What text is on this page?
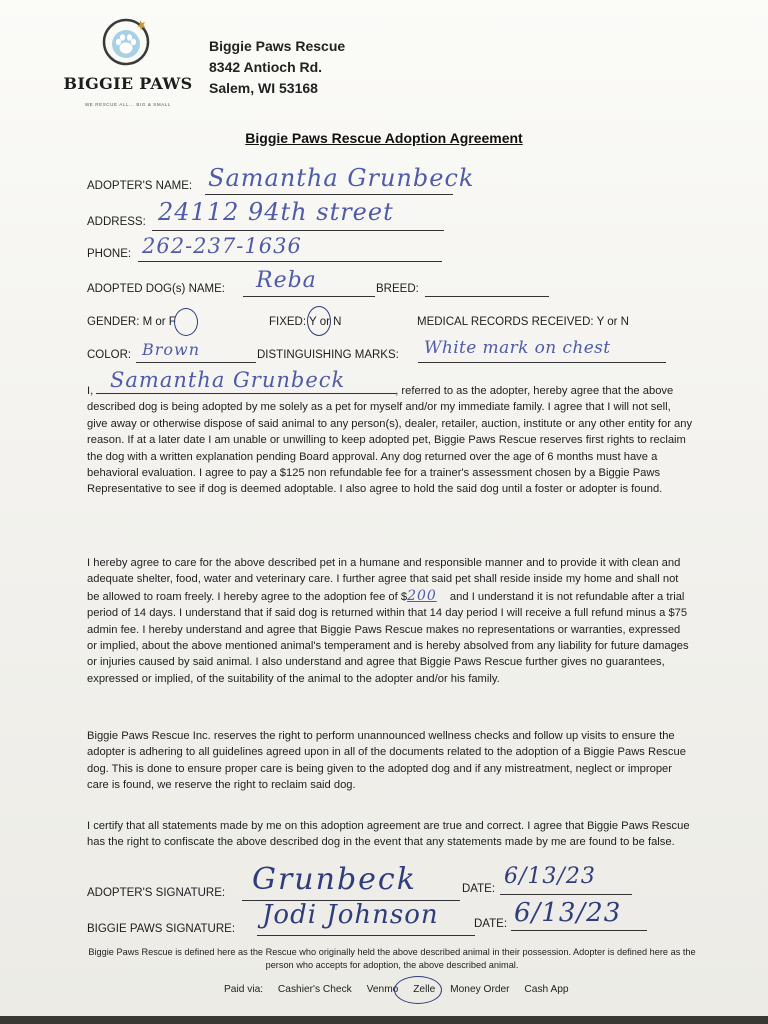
BIGGIE PAWS
WE RESCUE ALL... BIG & SMALL
Biggie Paws Rescue
8342 Antioch Rd.
Salem, WI 53168
Biggie Paws Rescue Adoption Agreement
ADOPTER'S NAME: Samantha Grunbeck
ADDRESS: 24112 94th street
PHONE: 262-237-1636
ADOPTED DOG(s) NAME: Reba	BREED:
GENDER: M or F	FIXED: Y or N	MEDICAL RECORDS RECEIVED: Y or N
COLOR: Brown	DISTINGUISHING MARKS: White mark on chest
Samantha Grunbeck
I,	, referred to as the adopter, hereby agree that the above described dog is being adopted by me solely as a pet for myself and/or my immediate family. I agree that I will not sell, give away or otherwise dispose of said animal to any person(s), dealer, retailer, auction, institute or any other entity for any reason. If at a later date I am unable or unwilling to keep adopted pet, Biggie Paws Rescue reserves first rights to reclaim the dog with a written explanation pending Board approval. Any dog returned over the age of 6 months must have a behavioral evaluation. I agree to pay a $125 non refundable fee for a trainer's assessment chosen by a Biggie Paws Representative to see if dog is deemed adoptable. I also agree to hold the said dog until a foster or adopter is found.
I hereby agree to care for the above described pet in a humane and responsible manner and to provide it with clean and adequate shelter, food, water and veterinary care. I further agree that said pet shall reside inside my home and shall not be allowed to roam freely. I hereby agree to the adoption fee of $200 and I understand it is not refundable after a trial period of 14 days. I understand that if said dog is returned within that 14 day period I will receive a full refund minus a $75 admin fee. I hereby understand and agree that Biggie Paws Rescue makes no representations or warranties, expressed or implied, about the above mentioned animal's temperament and is hereby absolved from any liability for future damages or injuries caused by said animal. I also understand and agree that Biggie Paws Rescue further gives no guarantees, expressed or implied, of the suitability of the animal to the adopter and/or his family.
Biggie Paws Rescue Inc. reserves the right to perform unannounced wellness checks and follow up visits to ensure the adopter is adhering to all guidelines agreed upon in all of the documents related to the adoption of a Biggie Paws Rescue dog. This is done to ensure proper care is being given to the adopted dog and if any mistreatment, neglect or improper care is found, we reserve the right to reclaim said dog.
I certify that all statements made by me on this adoption agreement are true and correct. I agree that Biggie Paws Rescue has the right to confiscate the above described dog in the event that any statements made by me are found to be false.
ADOPTER'S SIGNATURE: Grunbeck	DATE: 6/13/23
BIGGIE PAWS SIGNATURE: Jodi Johnson	DATE: 6/13/23
Biggie Paws Rescue is defined here as the Rescue who originally held the above described animal in their possession. Adopter is defined here as the person who accepts for adoption, the above described animal.
Paid via: Cashier's Check Venmo Zelle Money Order Cash App
